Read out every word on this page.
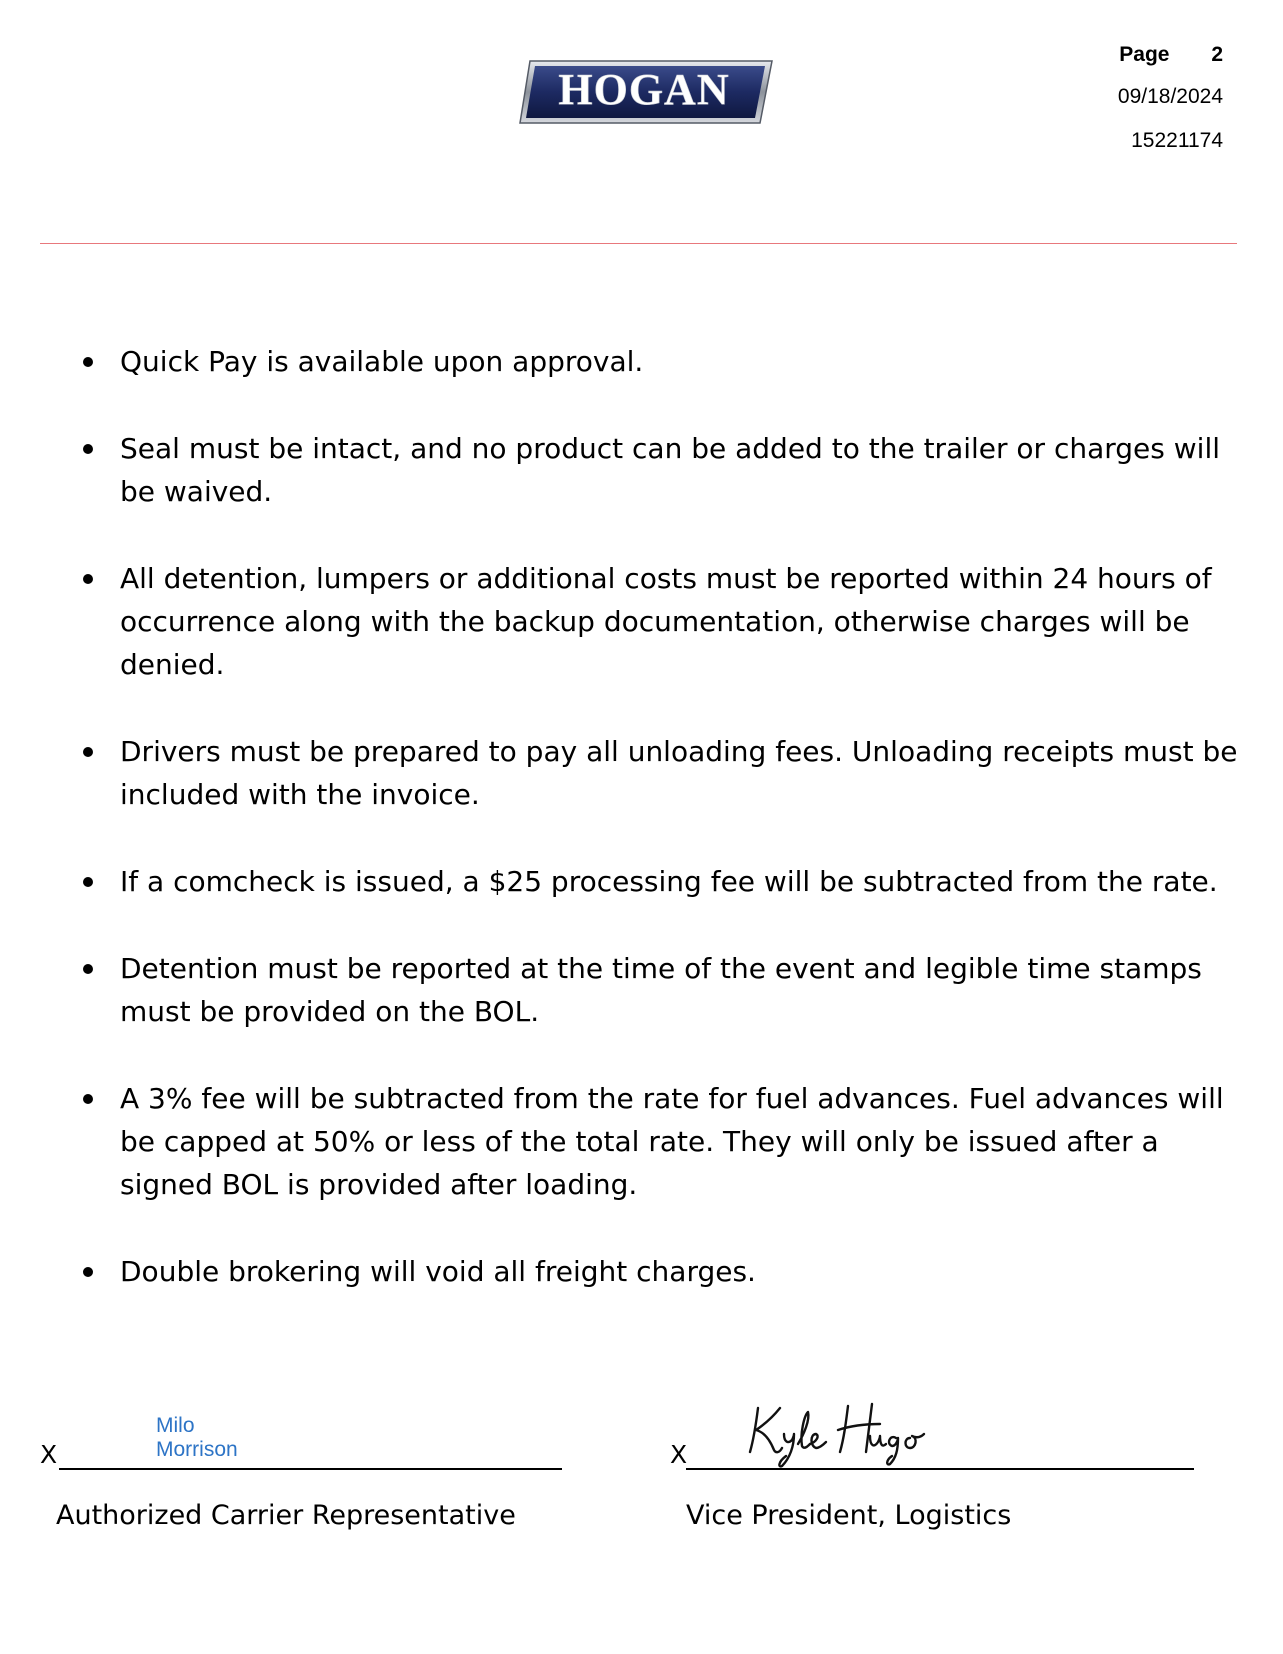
HOGAN
Page 2
09/18/2024
15221174
Quick Pay is available upon approval.
Seal must be intact, and no product can be added to the trailer or charges will be waived.
All detention, lumpers or additional costs must be reported within 24 hours of occurrence along with the backup documentation, otherwise charges will be denied.
Drivers must be prepared to pay all unloading fees. Unloading receipts must be included with the invoice.
If a comcheck is issued, a $25 processing fee will be subtracted from the rate.
Detention must be reported at the time of the event and legible time stamps must be provided on the BOL.
A 3% fee will be subtracted from the rate for fuel advances. Fuel advances will be capped at 50% or less of the total rate. They will only be issued after a signed BOL is provided after loading.
Double brokering will void all freight charges.
Milo Morrison
X
Authorized Carrier Representative
Kyle Hugo
X
Vice President, Logistics
